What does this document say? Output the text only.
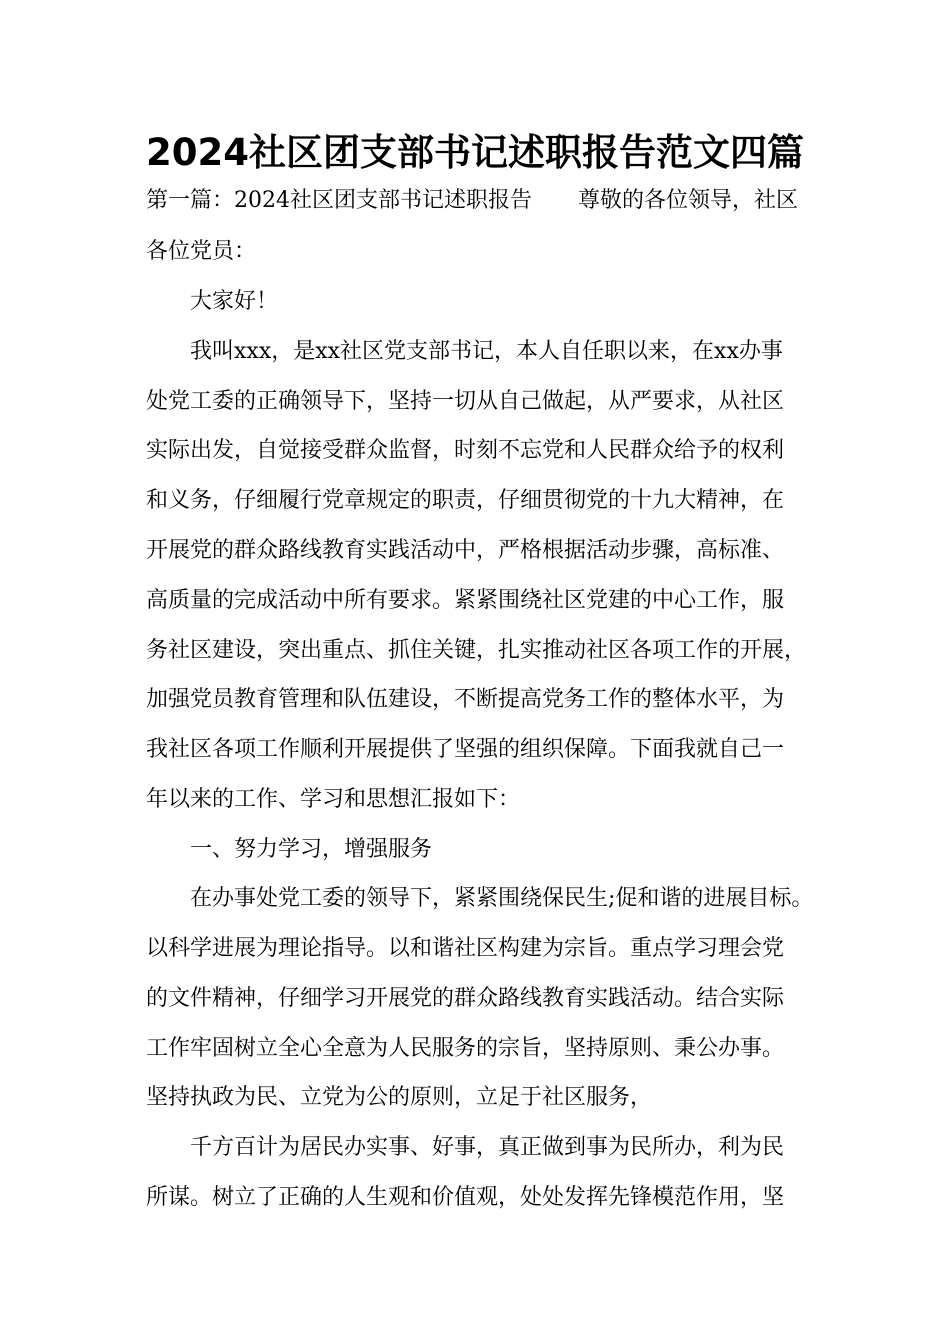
2024社区团支部书记述职报告范文四篇
第一篇：2024社区团支部书记述职报告 尊敬的各位领导，社区
各位党员：
大家好！
我叫xxx，是xx社区党支部书记，本人自任职以来，在xx办事
处党工委的正确领导下，坚持一切从自己做起，从严要求，从社区
实际出发，自觉接受群众监督，时刻不忘党和人民群众给予的权利
和义务，仔细履行党章规定的职责，仔细贯彻党的十九大精神，在
开展党的群众路线教育实践活动中，严格根据活动步骤，高标准、
高质量的完成活动中所有要求。紧紧围绕社区党建的中心工作，服
务社区建设，突出重点、抓住关键，扎实推动社区各项工作的开展，
加强党员教育管理和队伍建设，不断提高党务工作的整体水平，为
我社区各项工作顺利开展提供了坚强的组织保障。下面我就自己一
年以来的工作、学习和思想汇报如下：
一、努力学习，增强服务
在办事处党工委的领导下，紧紧围绕保民生;促和谐的进展目标。
以科学进展为理论指导。以和谐社区构建为宗旨。重点学习理会党
的文件精神，仔细学习开展党的群众路线教育实践活动。结合实际
工作牢固树立全心全意为人民服务的宗旨，坚持原则、秉公办事。
坚持执政为民、立党为公的原则，立足于社区服务，
千方百计为居民办实事、好事，真正做到事为民所办，利为民
所谋。树立了正确的人生观和价值观，处处发挥先锋模范作用，坚
